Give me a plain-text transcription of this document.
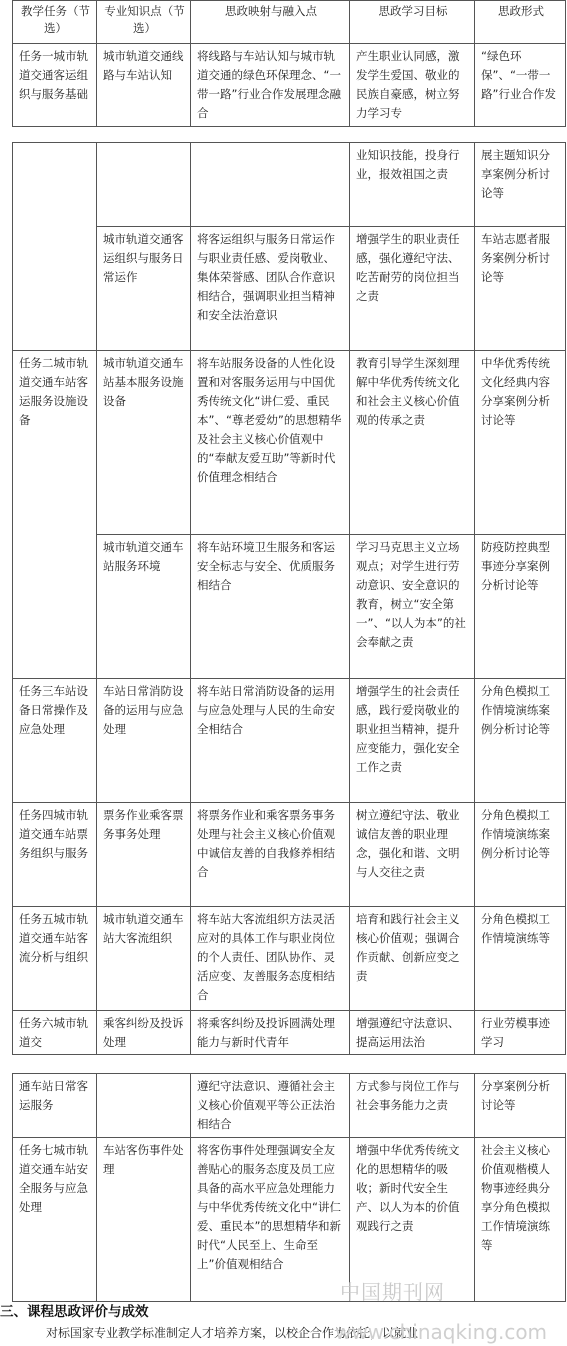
教学任务（节选）	专业知识点（节选）	思政映射与融入点	思政学习目标	思政形式
任务一城市轨道交通客运组织与服务基础	城市轨道交通线路与车站认知	将线路与车站认知与城市轨道交通的绿色环保理念、“一带一路”行业合作发展理念融合	产生职业认同感，激发学生爱国、敬业的民族自豪感，树立努力学习专	“绿色环保”、“一带一路”行业合作发
			业知识技能，投身行业，报效祖国之责	展主题知识分享案例分析讨论等
	城市轨道交通客运组织与服务日常运作	将客运组织与服务日常运作与职业责任感、爱岗敬业、集体荣誉感、团队合作意识相结合，强调职业担当精神和安全法治意识	增强学生的职业责任感，强化遵纪守法、吃苦耐劳的岗位担当之责	车站志愿者服务案例分析讨论等
任务二城市轨道交通车站客运服务设施设备	城市轨道交通车站基本服务设施设备	将车站服务设备的人性化设置和对客服务运用与中国优秀传统文化“讲仁爱、重民本”、“尊老爱幼”的思想精华及社会主义核心价值观中的“奉献友爱互助”等新时代价值理念相结合	教育引导学生深刻理解中华优秀传统文化和社会主义核心价值观的传承之责	中华优秀传统文化经典内容分享案例分析讨论等
	城市轨道交通车站服务环境	将车站环境卫生服务和客运安全标志与安全、优质服务相结合	学习马克思主义立场观点；对学生进行劳动意识、安全意识的教育，树立“安全第一”、“以人为本”的社会奉献之责	防疫防控典型事迹分享案例分析讨论等
任务三车站设备日常操作及应急处理	车站日常消防设备的运用与应急处理	将车站日常消防设备的运用与应急处理与人民的生命安全相结合	增强学生的社会责任感，践行爱岗敬业的职业担当精神，提升应变能力，强化安全工作之责	分角色模拟工作情境演练案例分析讨论等
任务四城市轨道交通车站票务组织与服务	票务作业乘客票务事务处理	将票务作业和乘客票务事务处理与社会主义核心价值观中诚信友善的自我修养相结合	树立遵纪守法、敬业诚信友善的职业理念，强化和谐、文明与人交往之责	分角色模拟工作情境演练案例分析讨论等
任务五城市轨道交通车站客流分析与组织	城市轨道交通车站大客流组织	将车站大客流组织方法灵活应对的具体工作与职业岗位的个人责任、团队协作、灵活应变、友善服务态度相结合	培育和践行社会主义核心价值观；强调合作贡献、创新应变之责	分角色模拟工作情境演练等
任务六城市轨道交	乘客纠纷及投诉处理	将乘客纠纷及投诉圆满处理能力与新时代青年	增强遵纪守法意识、提高运用法治	行业劳模事迹学习
通车站日常客运服务		遵纪守法意识、遵循社会主义核心价值观平等公正法治相结合	方式参与岗位工作与社会事务能力之责	分享案例分析讨论等
任务七城市轨道交通车站安全服务与应急处理	车站客伤事件处理	将客伤事件处理强调安全友善贴心的服务态度及员工应具备的高水平应急处理能力与中华优秀传统文化中“讲仁爱、重民本”的思想精华和新时代“人民至上、生命至上”价值观相结合	增强中华优秀传统文化的思想精华的吸收；新时代安全生产、以人为本的价值观践行之责	社会主义核心价值观楷模人物事迹经典分享分角色模拟工作情境演练等
三、课程思政评价与成效
对标国家专业教学标准制定人才培养方案，以校企合作为依托，以就业
中国期刊网
www.chinaqking.com
